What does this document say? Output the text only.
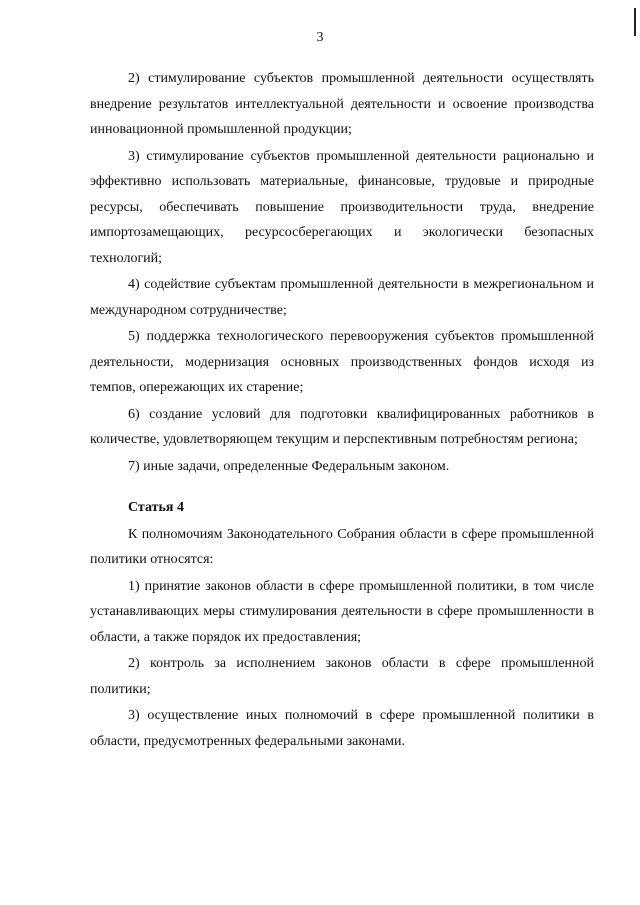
3

2) стимулирование субъектов промышленной деятельности осуществлять внедрение результатов интеллектуальной деятельности и освоение производства инновационной промышленной продукции;

3) стимулирование субъектов промышленной деятельности рационально и эффективно использовать материальные, финансовые, трудовые и природные ресурсы, обеспечивать повышение производительности труда, внедрение импортозамещающих, ресурсосберегающих и экологически безопасных технологий;

4) содействие субъектам промышленной деятельности в межрегиональном и международном сотрудничестве;

5) поддержка технологического перевооружения субъектов промышленной деятельности, модернизация основных производственных фондов исходя из темпов, опережающих их старение;

6) создание условий для подготовки квалифицированных работников в количестве, удовлетворяющем текущим и перспективным потребностям региона;

7) иные задачи, определенные Федеральным законом.

Статья 4

К полномочиям Законодательного Собрания области в сфере промышленной политики относятся:

1) принятие законов области в сфере промышленной политики, в том числе устанавливающих меры стимулирования деятельности в сфере промышленности в области, а также порядок их предоставления;

2) контроль за исполнением законов области в сфере промышленной политики;

3) осуществление иных полномочий в сфере промышленной политики в области, предусмотренных федеральными законами.
